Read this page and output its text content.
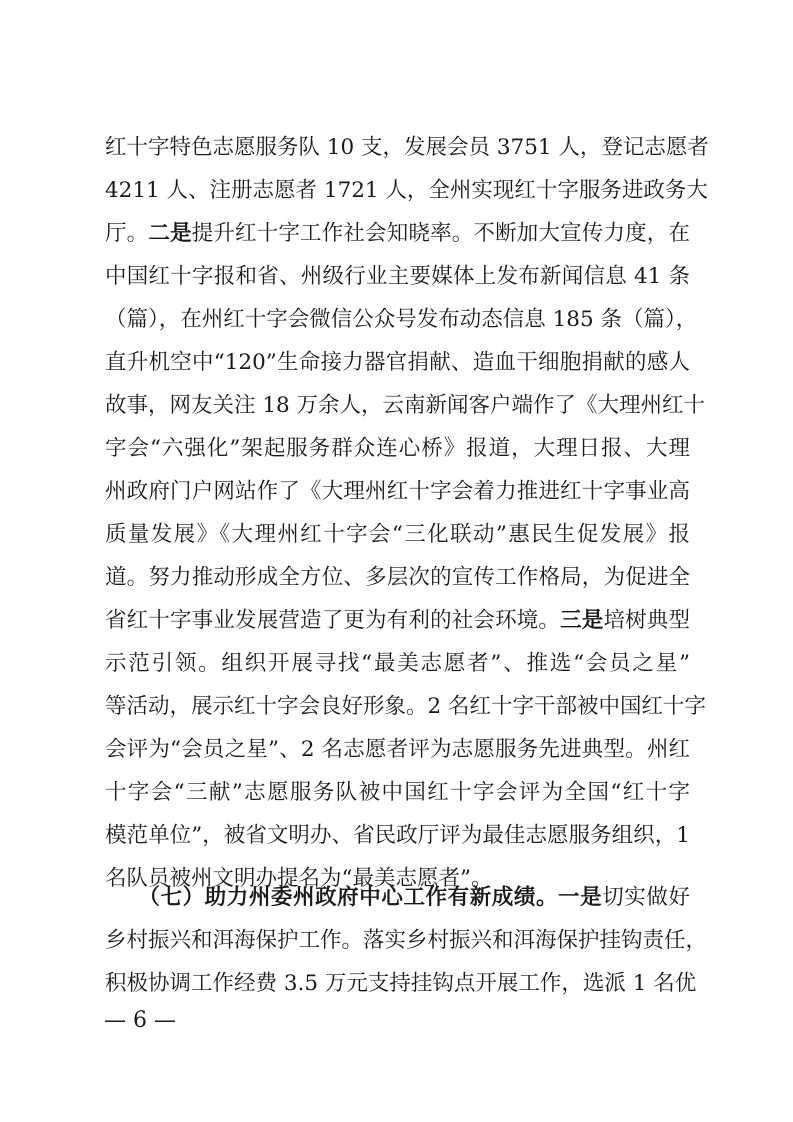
红十字特色志愿服务队 10 支，发展会员 3751 人，登记志愿者
4211 人、注册志愿者 1721 人，全州实现红十字服务进政务大
厅。二是提升红十字工作社会知晓率。不断加大宣传力度，在
中国红十字报和省、州级行业主要媒体上发布新闻信息 41 条
（篇），在州红十字会微信公众号发布动态信息 185 条（篇），
直升机空中“120”生命接力器官捐献、造血干细胞捐献的感人
故事，网友关注 18 万余人，云南新闻客户端作了《大理州红十
字会“六强化”架起服务群众连心桥》报道，大理日报、大理
州政府门户网站作了《大理州红十字会着力推进红十字事业高
质量发展》《大理州红十字会“三化联动”惠民生促发展》报
道。努力推动形成全方位、多层次的宣传工作格局，为促进全
省红十字事业发展营造了更为有利的社会环境。三是培树典型
示范引领。组织开展寻找“最美志愿者”、推选“会员之星”
等活动，展示红十字会良好形象。2 名红十字干部被中国红十字
会评为“会员之星”、2 名志愿者评为志愿服务先进典型。州红
十字会“三献”志愿服务队被中国红十字会评为全国“红十字
模范单位”，被省文明办、省民政厅评为最佳志愿服务组织，1
名队员被州文明办提名为“最美志愿者”。
　　（七）助力州委州政府中心工作有新成绩。一是切实做好
乡村振兴和洱海保护工作。落实乡村振兴和洱海保护挂钩责任，
积极协调工作经费 3.5 万元支持挂钩点开展工作，选派 1 名优
— 6 —
